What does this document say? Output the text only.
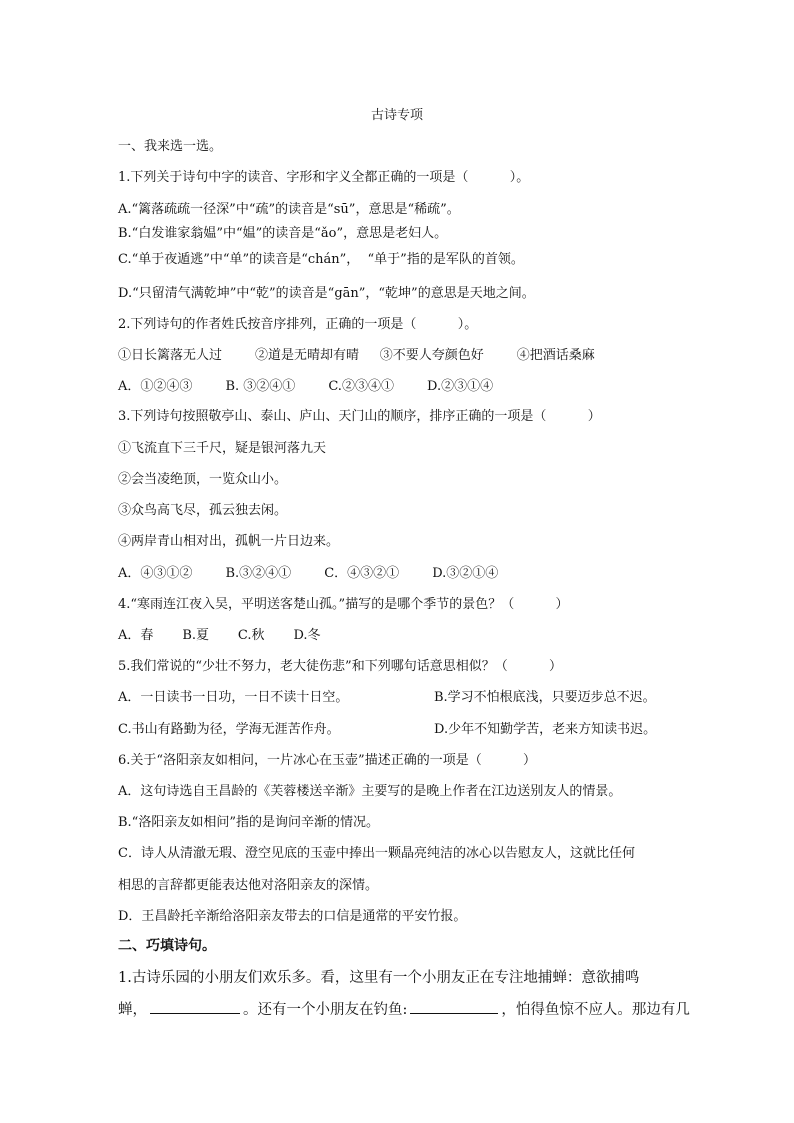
古诗专项
一、我来选一选。
1.下列关于诗句中字的读音、字形和字义全都正确的一项是（          ）。
A.“篱落疏疏一径深”中“疏”的读音是“sū”，意思是“稀疏”。
B.“白发谁家翁媪”中“媪”的读音是“ǎo”，意思是老妇人。
C.“单于夜遁逃”中“单”的读音是“chán”，  “单于”指的是军队的首领。
D.“只留清气满乾坤”中“乾”的读音是“gān”，“乾坤”的意思是天地之间。
2.下列诗句的作者姓氏按音序排列，正确的一项是（          ）。
①日长篱落无人过        ②道是无晴却有晴     ③不要人夸颜色好        ④把酒话桑麻
A．①②④③        B. ③②④①        C.②③④①        D.②③①④
3.下列诗句按照敬亭山、泰山、庐山、天门山的顺序，排序正确的一项是（          ）
①飞流直下三千尺，疑是银河落九天
②会当凌绝顶，一览众山小。
③众鸟高飞尽，孤云独去闲。
④两岸青山相对出，孤帆一片日边来。
A．④③①②        B.③②④①        C．④③②①        D.③②①④
4.“寒雨连江夜入吴，平明送客楚山孤。”描写的是哪个季节的景色？（          ）
A．春       B.夏       C.秋       D.冬
5.我们常说的“少壮不努力，老大徒伤悲”和下列哪句话意思相似？（          ）
A．一日读书一日功，一日不读十日空。	B.学习不怕根底浅，只要迈步总不迟。
C.书山有路勤为径，学海无涯苦作舟。	D.少年不知勤学苦，老来方知读书迟。
6.关于“洛阳亲友如相问，一片冰心在玉壶”描述正确的一项是（          ）
A．这句诗选自王昌龄的《芙蓉楼送辛渐》主要写的是晚上作者在江边送别友人的情景。
B.“洛阳亲友如相问”指的是询问辛渐的情况。
C．诗人从清澈无瑕、澄空见底的玉壶中捧出一颗晶亮纯洁的冰心以告慰友人，这就比任何
相思的言辞都更能表达他对洛阳亲友的深情。
D．王昌龄托辛渐给洛阳亲友带去的口信是通常的平安竹报。
二、巧填诗句。
1.古诗乐园的小朋友们欢乐多。看，这里有一个小朋友正在专注地捕蝉：意欲捕鸣
蝉，	。还有一个小朋友在钓鱼:	，怕得鱼惊不应人。那边有几
